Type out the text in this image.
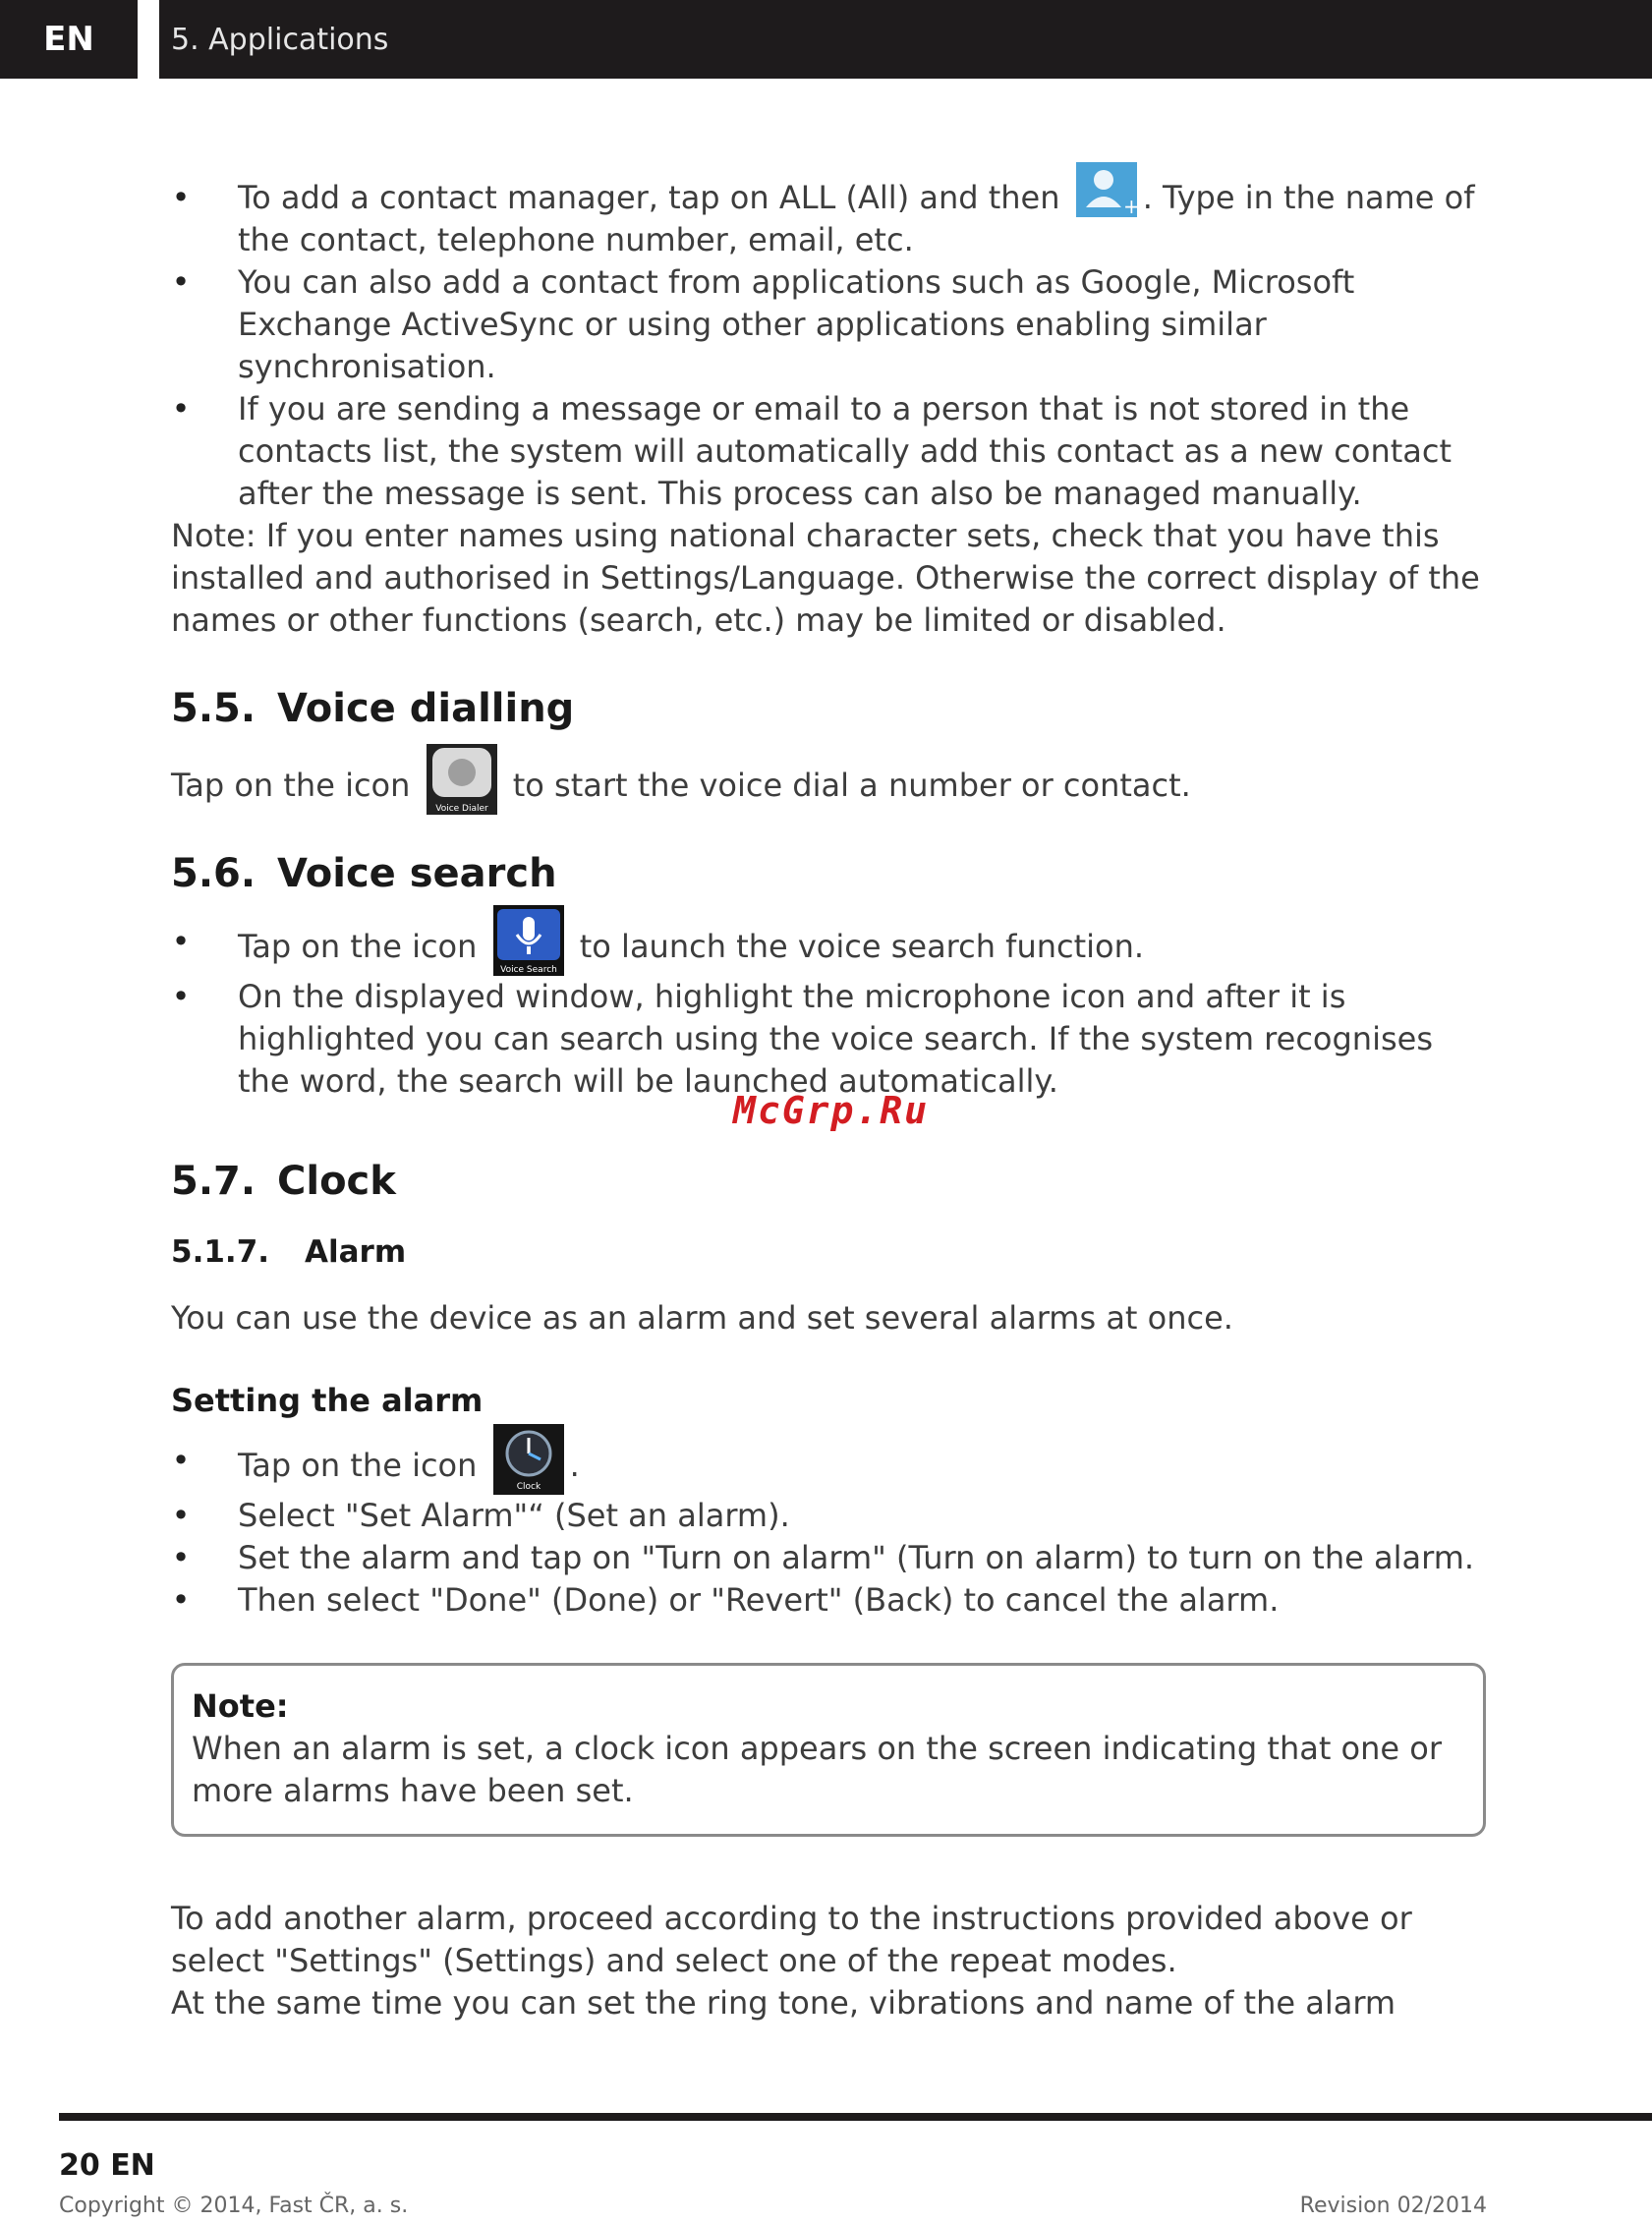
EN	5. Applications
• To add a contact manager, tap on ALL (All) and then	+ . Type in the name of the contact, telephone number, email, etc.
• You can also add a contact from applications such as Google, Microsoft Exchange ActiveSync or using other applications enabling similar synchronisation.
• If you are sending a message or email to a person that is not stored in the contacts list, the system will automatically add this contact as a new contact after the message is sent. This process can also be managed manually.

Note: If you enter names using national character sets, check that you have this installed and authorised in Settings/Language. Otherwise the correct display of the names or other functions (search, etc.) may be limited or disabled.

5.5. Voice dialling

Tap on the icon
Voice Dialer
to start the voice dial a number or contact.

5.6. Voice search
• Tap on the icon
Voice Search
to launch the voice search function.
• On the displayed window, highlight the microphone icon and after it is highlighted you can search using the voice search. If the system recognises the word, the search will be launched automatically.
5.7. Clock
5.1.7.	Alarm

You can use the device as an alarm and set several alarms at once.

Setting the alarm
• Tap on the icon
Clock
.
• Select "Set Alarm"“ (Set an alarm).
• Set the alarm and tap on "Turn on alarm" (Turn on alarm) to turn on the alarm.
• Then select "Done" (Done) or "Revert" (Back) to cancel the alarm.
Note:
When an alarm is set, a clock icon appears on the screen indicating that one or more alarms have been set.

To add another alarm, proceed according to the instructions provided above or select "Settings" (Settings) and select one of the repeat modes.

At the same time you can set the ring tone, vibrations and name of the alarm

McGrp.Ru
20 EN
Copyright © 2014, Fast ČR, a. s.	Revision 02/2014
